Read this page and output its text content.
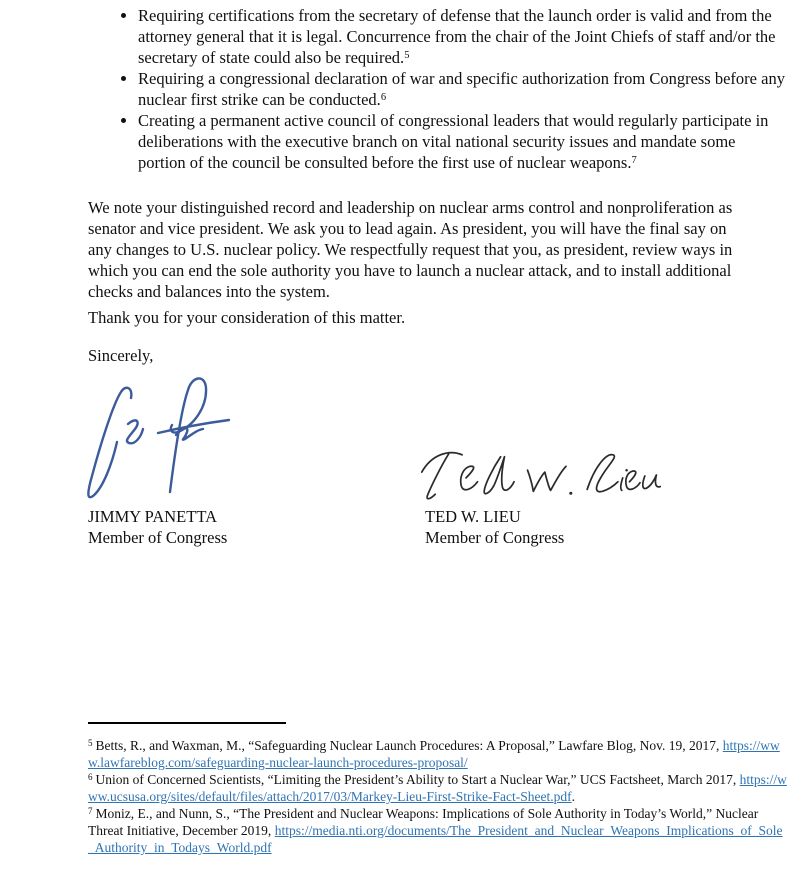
• Requiring certifications from the secretary of defense that the launch order is valid and from the attorney general that it is legal. Concurrence from the chair of the Joint Chiefs of staff and/or the secretary of state could also be required.$^5$
• Requiring a congressional declaration of war and specific authorization from Congress before any nuclear first strike can be conducted.$^6$
• Creating a permanent active council of congressional leaders that would regularly participate in deliberations with the executive branch on vital national security issues and mandate some portion of the council be consulted before the first use of nuclear weapons.$^7$

We note your distinguished record and leadership on nuclear arms control and nonproliferation as senator and vice president. We ask you to lead again. As president, you will have the final say on any changes to U.S. nuclear policy. We respectfully request that you, as president, review ways in which you can end the sole authority you have to launch a nuclear attack, and to install additional checks and balances into the system.

Thank you for your consideration of this matter.

Sincerely,

JIMMY PANETTA
Member of Congress
TED W. LIEU
Member of Congress
$^5$ Betts, R., and Waxman, M., “Safeguarding Nuclear Launch Procedures: A Proposal,” Lawfare Blog, Nov. 19, 2017, https://www.lawfareblog.com/safeguarding-nuclear-launch-procedures-proposal/
$^6$ Union of Concerned Scientists, “Limiting the President’s Ability to Start a Nuclear War,” UCS Factsheet, March 2017, https://www.ucsusa.org/sites/default/files/attach/2017/03/Markey-Lieu-First-Strike-Fact-Sheet.pdf.
$^7$ Moniz, E., and Nunn, S., “The President and Nuclear Weapons: Implications of Sole Authority in Today’s World,” Nuclear Threat Initiative, December 2019, https://media.nti.org/documents/The_President_and_Nuclear_Weapons_Implications_of_Sole_Authority_in_Todays_World.pdf
